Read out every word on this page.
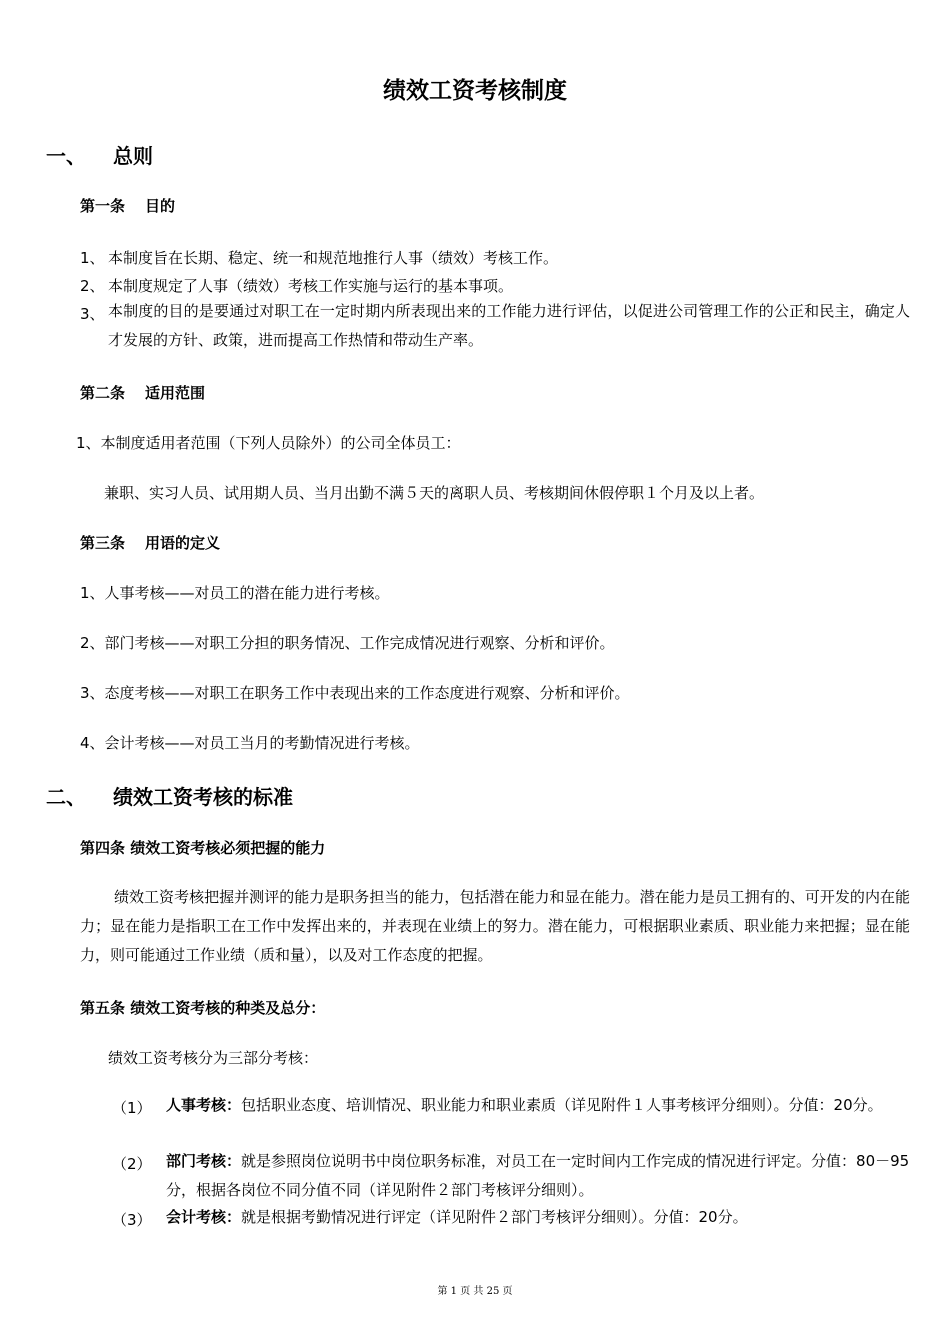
绩效工资考核制度
一、 总则
第一条 目的
1、 本制度旨在长期、稳定、统一和规范地推行人事（绩效）考核工作。
2、 本制度规定了人事（绩效）考核工作实施与运行的基本事项。
3、 本制度的目的是要通过对职工在一定时期内所表现出来的工作能力进行评估，以促进公司管理工作的公正和民主，确定人才发展的方针、政策，进而提高工作热情和带动生产率。
第二条 适用范围
1、本制度适用者范围（下列人员除外）的公司全体员工：
兼职、实习人员、试用期人员、当月出勤不满５天的离职人员、考核期间休假停职１个月及以上者。
第三条 用语的定义
1、人事考核——对员工的潜在能力进行考核。
2、部门考核——对职工分担的职务情况、工作完成情况进行观察、分析和评价。
3、态度考核——对职工在职务工作中表现出来的工作态度进行观察、分析和评价。
4、会计考核——对员工当月的考勤情况进行考核。
二、 绩效工资考核的标准
第四条 绩效工资考核必须把握的能力
绩效工资考核把握并测评的能力是职务担当的能力，包括潜在能力和显在能力。潜在能力是员工拥有的、可开发的内在能力；显在能力是指职工在工作中发挥出来的，并表现在业绩上的努力。潜在能力，可根据职业素质、职业能力来把握；显在能力，则可能通过工作业绩（质和量），以及对工作态度的把握。
第五条 绩效工资考核的种类及总分：
绩效工资考核分为三部分考核：
（1） 人事考核：包括职业态度、培训情况、职业能力和职业素质（详见附件１人事考核评分细则）。分值：20分。
（2） 部门考核：就是参照岗位说明书中岗位职务标准，对员工在一定时间内工作完成的情况进行评定。分值：80－95分，根据各岗位不同分值不同（详见附件２部门考核评分细则）。
（3） 会计考核：就是根据考勤情况进行评定（详见附件２部门考核评分细则）。分值：20分。
第 1 页 共 25 页
